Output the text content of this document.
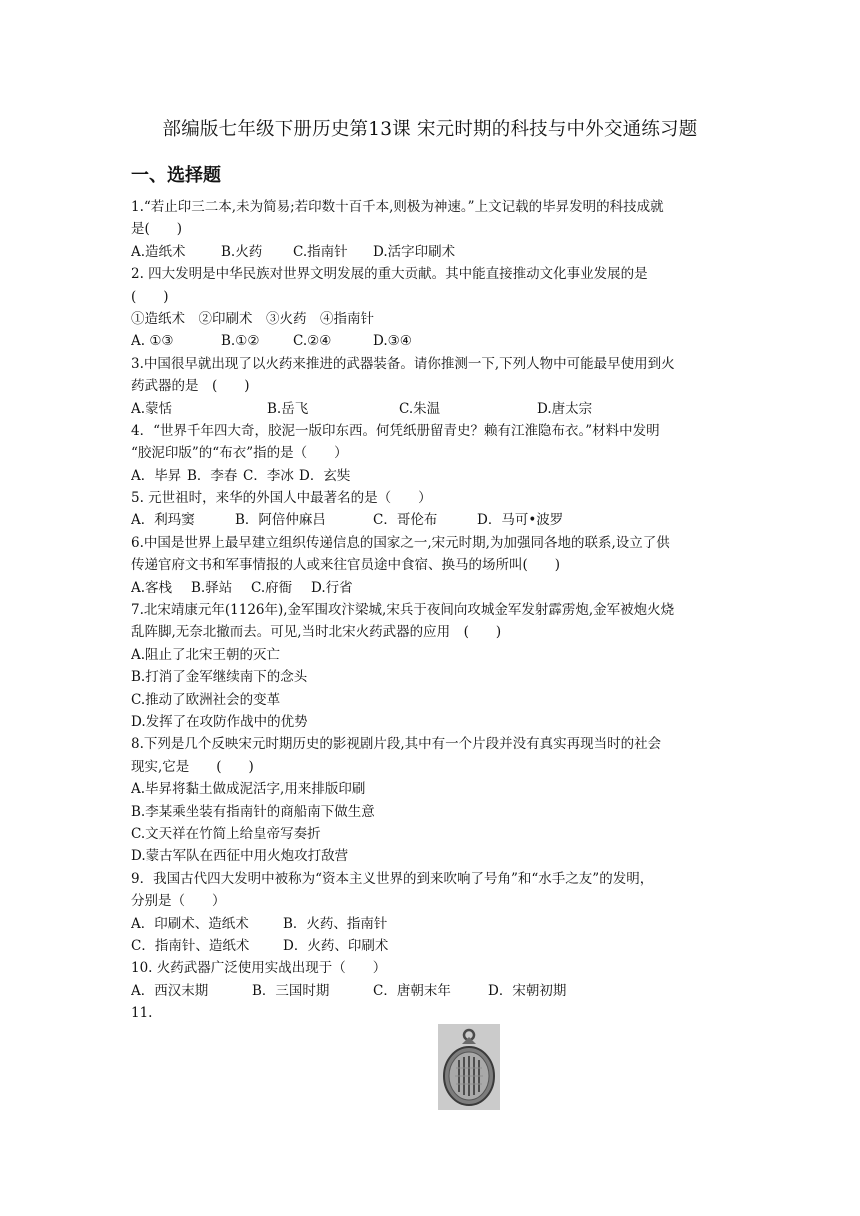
部编版七年级下册历史第13课 宋元时期的科技与中外交通练习题
一、选择题
1.“若止印三二本,未为简易;若印数十百千本,则极为神速。”上文记载的毕昇发明的科技成就
是(　　)
A.造纸术	B.火药 C.指南针 D.活字印刷术
2. 四大发明是中华民族对世界文明发展的重大贡献。其中能直接推动文化事业发展的是
(　　)
①造纸术　②印刷术　③火药　④指南针
A. ①③	B.①② C.②④	D.③④
3.中国很早就出现了以火药来推进的武器装备。请你推测一下,下列人物中可能最早使用到火
药武器的是　(　　)
A.蒙恬	B.岳飞	C.朱温	D.唐太宗
4．“世界千年四大奇，胶泥一版印东西。何凭纸册留青史？赖有江淮隐布衣。”材料中发明
“胶泥印版”的“布衣”指的是（　　）
A．毕昇 B．李春 C．李冰 D．玄奘
5. 元世祖时，来华的外国人中最著名的是（　　）
A．利玛窦	B．阿倍仲麻吕	C．哥伦布	D．马可•波罗
6.中国是世界上最早建立组织传递信息的国家之一,宋元时期,为加强同各地的联系,设立了供
传递官府文书和军事情报的人或来往官员途中食宿、换马的场所叫(　　)
A.客栈 B.驿站 C.府衙 D.行省
7.北宋靖康元年(1126年),金军围攻汴梁城,宋兵于夜间向攻城金军发射霹雳炮,金军被炮火烧
乱阵脚,无奈北撤而去。可见,当时北宋火药武器的应用　(　　)
A.阻止了北宋王朝的灭亡
B.打消了金军继续南下的念头
C.推动了欧洲社会的变革
D.发挥了在攻防作战中的优势
8.下列是几个反映宋元时期历史的影视剧片段,其中有一个片段并没有真实再现当时的社会
现实,它是　　(　　)
A.毕昇将黏土做成泥活字,用来排版印刷
B.李某乘坐装有指南针的商船南下做生意
C.文天祥在竹简上给皇帝写奏折
D.蒙古军队在西征中用火炮攻打敌营
9．我国古代四大发明中被称为“资本主义世界的到来吹响了号角”和“水手之友”的发明，
分别是（　　）
A．印刷术、造纸术	B．火药、指南针
C．指南针、造纸术 D．火药、印刷术
10. 火药武器广泛使用实战出现于（　　）
A．西汉末期	B．三国时期	C．唐朝末年	D．宋朝初期
11.
